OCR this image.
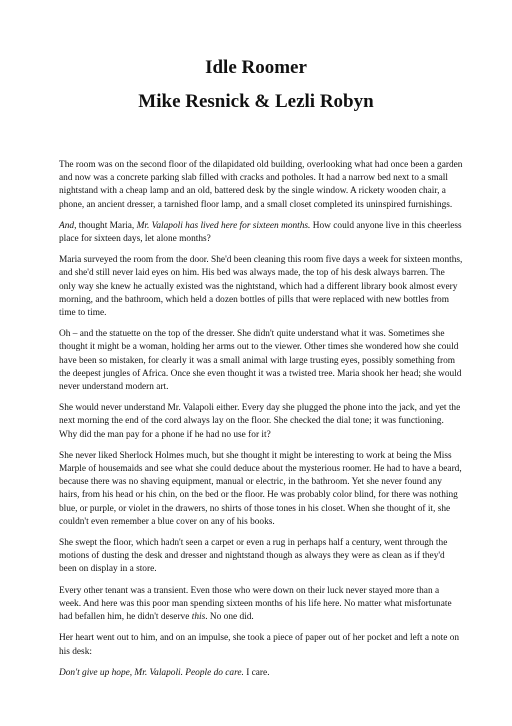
Idle Roomer
Mike Resnick & Lezli Robyn

The room was on the second floor of the dilapidated old building, overlooking what had once been a garden and now was a concrete parking slab filled with cracks and potholes. It had a narrow bed next to a small nightstand with a cheap lamp and an old, battered desk by the single window. A rickety wooden chair, a phone, an ancient dresser, a tarnished floor lamp, and a small closet completed its uninspired furnishings.

And, thought Maria, Mr. Valapoli has lived here for sixteen months. How could anyone live in this cheerless place for sixteen days, let alone months?

Maria surveyed the room from the door. She'd been cleaning this room five days a week for sixteen months, and she'd still never laid eyes on him. His bed was always made, the top of his desk always barren. The only way she knew he actually existed was the nightstand, which had a different library book almost every morning, and the bathroom, which held a dozen bottles of pills that were replaced with new bottles from time to time.

Oh – and the statuette on the top of the dresser. She didn't quite understand what it was. Sometimes she thought it might be a woman, holding her arms out to the viewer. Other times she wondered how she could have been so mistaken, for clearly it was a small animal with large trusting eyes, possibly something from the deepest jungles of Africa. Once she even thought it was a twisted tree. Maria shook her head; she would never understand modern art.

She would never understand Mr. Valapoli either. Every day she plugged the phone into the jack, and yet the next morning the end of the cord always lay on the floor. She checked the dial tone; it was functioning. Why did the man pay for a phone if he had no use for it?

She never liked Sherlock Holmes much, but she thought it might be interesting to work at being the Miss Marple of housemaids and see what she could deduce about the mysterious roomer. He had to have a beard, because there was no shaving equipment, manual or electric, in the bathroom. Yet she never found any hairs, from his head or his chin, on the bed or the floor. He was probably color blind, for there was nothing blue, or purple, or violet in the drawers, no shirts of those tones in his closet. When she thought of it, she couldn't even remember a blue cover on any of his books.

She swept the floor, which hadn't seen a carpet or even a rug in perhaps half a century, went through the motions of dusting the desk and dresser and nightstand though as always they were as clean as if they'd been on display in a store.

Every other tenant was a transient. Even those who were down on their luck never stayed more than a week. And here was this poor man spending sixteen months of his life here. No matter what misfortunate had befallen him, he didn't deserve this. No one did.

Her heart went out to him, and on an impulse, she took a piece of paper out of her pocket and left a note on his desk:

Don't give up hope, Mr. Valapoli. People do care. I care.
